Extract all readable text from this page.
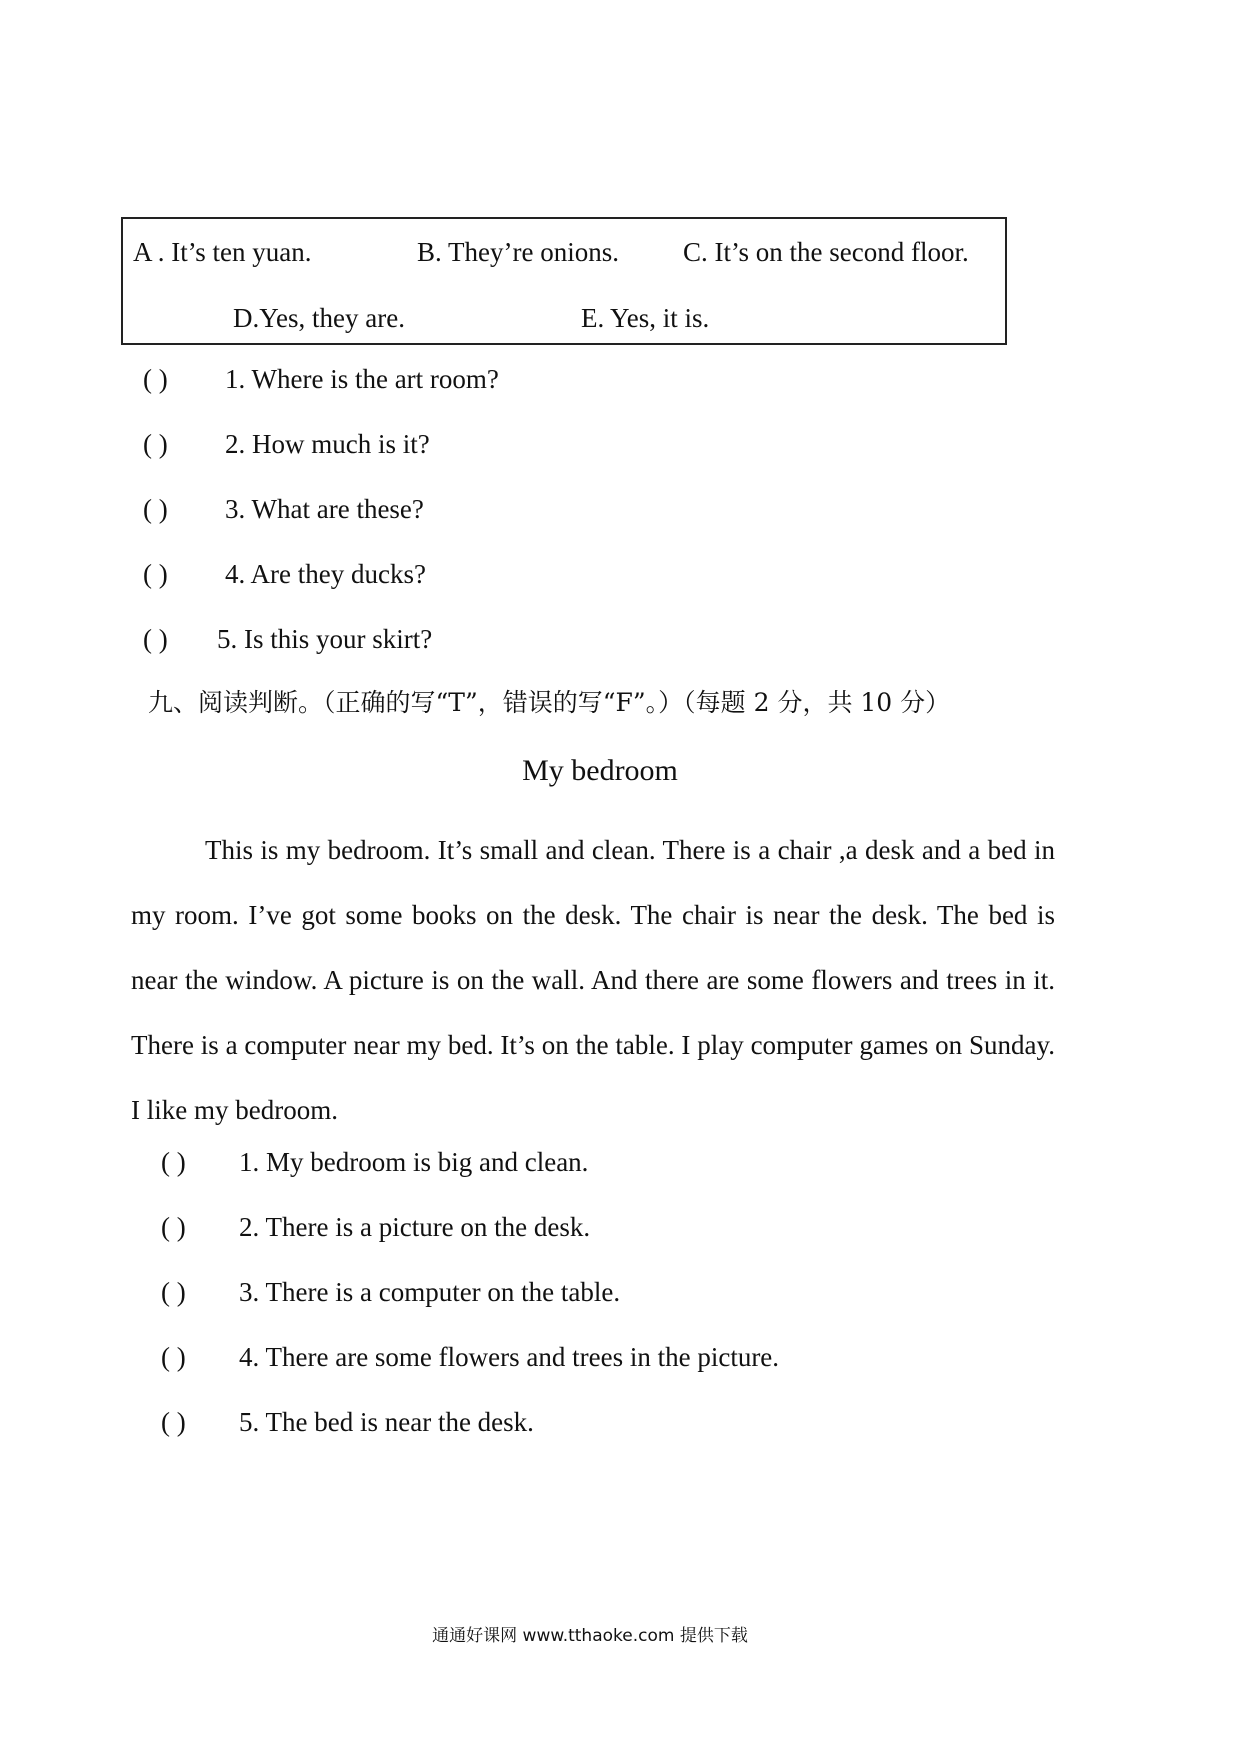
A . It’s ten yuan.	B. They’re onions. C. It’s on the second floor.
D.Yes, they are.	E. Yes, it is.
( ) 1. Where is the art room?
( ) 2. How much is it?
( ) 3. What are these?
( ) 4. Are they ducks?
( ) 5. Is this your skirt?
九、阅读判断。（正确的写“T”，错误的写“F”。）（每题 2 分，共 10 分）
My bedroom

This is my bedroom. It’s small and clean. There is a chair ,a desk and a bed in my room. I’ve got some books on the desk. The chair is near the desk. The bed is near the window. A picture is on the wall. And there are some flowers and trees in it. There is a computer near my bed. It’s on the table. I play computer games on Sunday. I like my bedroom.

( ) 1. My bedroom is big and clean.
( ) 2. There is a picture on the desk.
( ) 3. There is a computer on the table.
( ) 4. There are some flowers and trees in the picture.
( ) 5. The bed is near the desk.
通通好课网 www.tthaoke.com 提供下载
